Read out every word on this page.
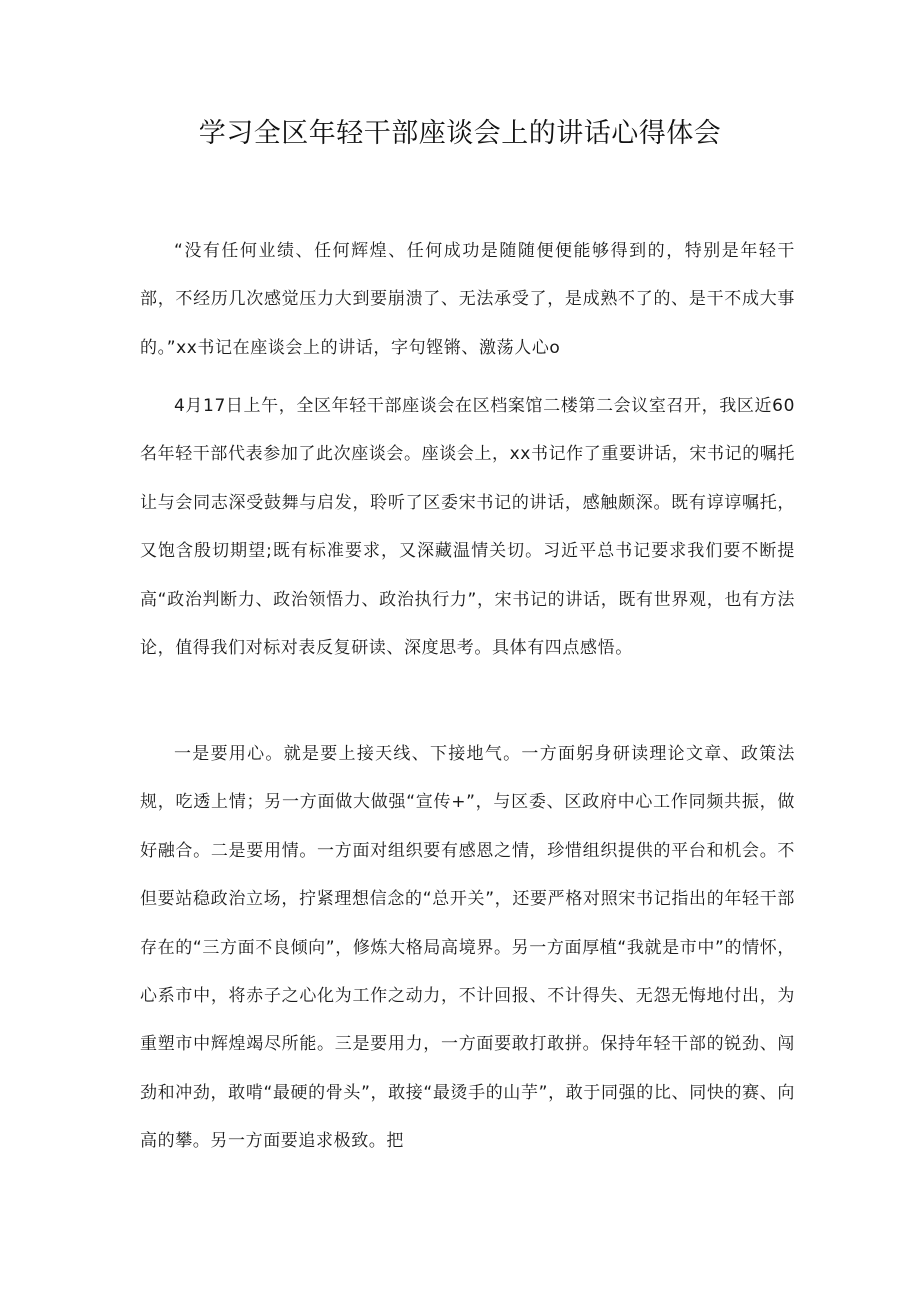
学习全区年轻干部座谈会上的讲话心得体会

“没有任何业绩、任何辉煌、任何成功是随随便便能够得到的，特别是年轻干部，不经历几次感觉压力大到要崩溃了、无法承受了，是成熟不了的、是干不成大事的。”xx书记在座谈会上的讲话，字句铿锵、激荡人心o

4月17日上午，全区年轻干部座谈会在区档案馆二楼第二会议室召开，我区近60名年轻干部代表参加了此次座谈会。座谈会上，xx书记作了重要讲话，宋书记的嘱托让与会同志深受鼓舞与启发，聆听了区委宋书记的讲话，感触颇深。既有谆谆嘱托，又饱含殷切期望;既有标准要求，又深藏温情关切。习近平总书记要求我们要不断提高“政治判断力、政治领悟力、政治执行力”，宋书记的讲话，既有世界观，也有方法论，值得我们对标对表反复研读、深度思考。具体有四点感悟。

一是要用心。就是要上接天线、下接地气。一方面躬身研读理论文章、政策法规，吃透上情；另一方面做大做强“宣传+”，与区委、区政府中心工作同频共振，做好融合。二是要用情。一方面对组织要有感恩之情，珍惜组织提供的平台和机会。不但要站稳政治立场，拧紧理想信念的“总开关”，还要严格对照宋书记指出的年轻干部存在的“三方面不良倾向”，修炼大格局高境界。另一方面厚植“我就是市中”的情怀，心系市中，将赤子之心化为工作之动力，不计回报、不计得失、无怨无悔地付出，为重塑市中辉煌竭尽所能。三是要用力，一方面要敢打敢拼。保持年轻干部的锐劲、闯劲和冲劲，敢啃“最硬的骨头”，敢接“最烫手的山芋”，敢于同强的比、同快的赛、向高的攀。另一方面要追求极致。把
